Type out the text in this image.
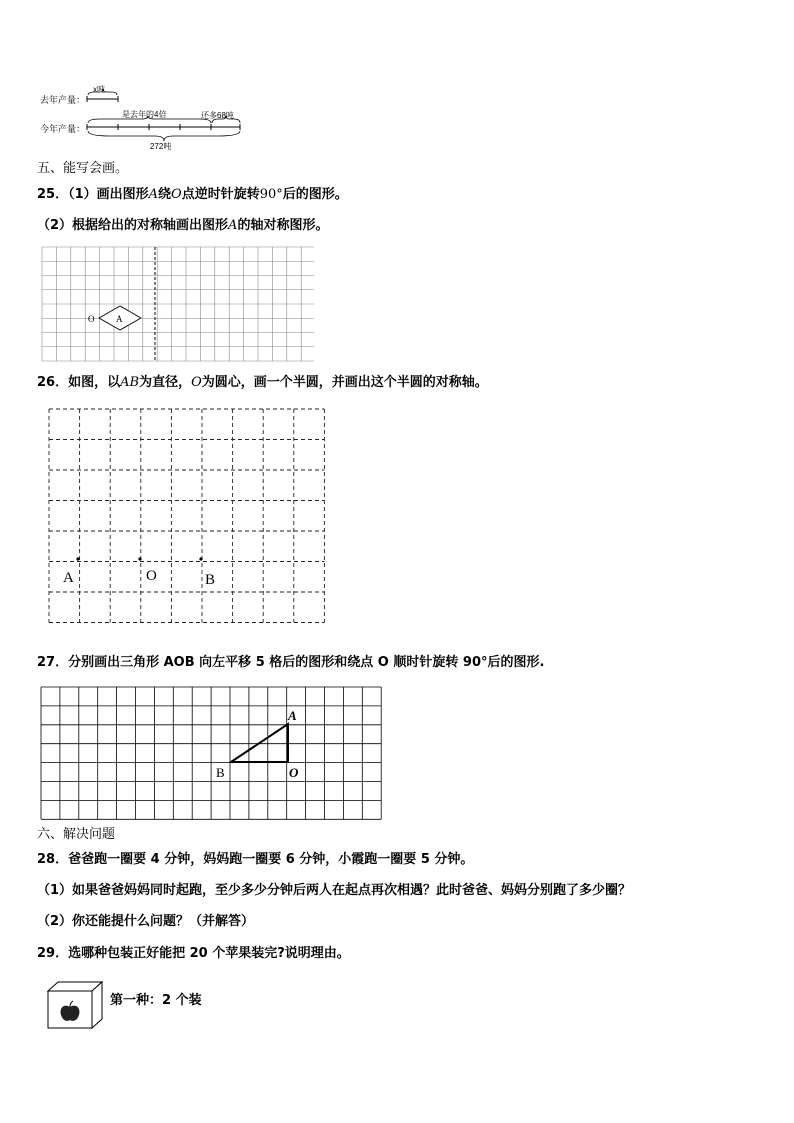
去年产量：
x吨
今年产量：
是去年的4倍	还多68吨
272吨
五、能写会画。
25．（1）画出图形A绕O点逆时针旋转90°后的图形。
（2）根据给出的对称轴画出图形A的轴对称图形。
A
O
26．如图，以AB为直径，O为圆心，画一个半圆，并画出这个半圆的对称轴。
A	O	B
27．分别画出三角形 AOB 向左平移 5 格后的图形和绕点 O 顺时针旋转 90°后的图形.
A
B	O
六、解决问题
28．爸爸跑一圈要 4 分钟，妈妈跑一圈要 6 分钟，小霞跑一圈要 5 分钟。
（1）如果爸爸妈妈同时起跑，至少多少分钟后两人在起点再次相遇？此时爸爸、妈妈分别跑了多少圈？
（2）你还能提什么问题？（并解答）
29．选哪种包装正好能把 20 个苹果装完?说明理由。
第一种：2 个装
